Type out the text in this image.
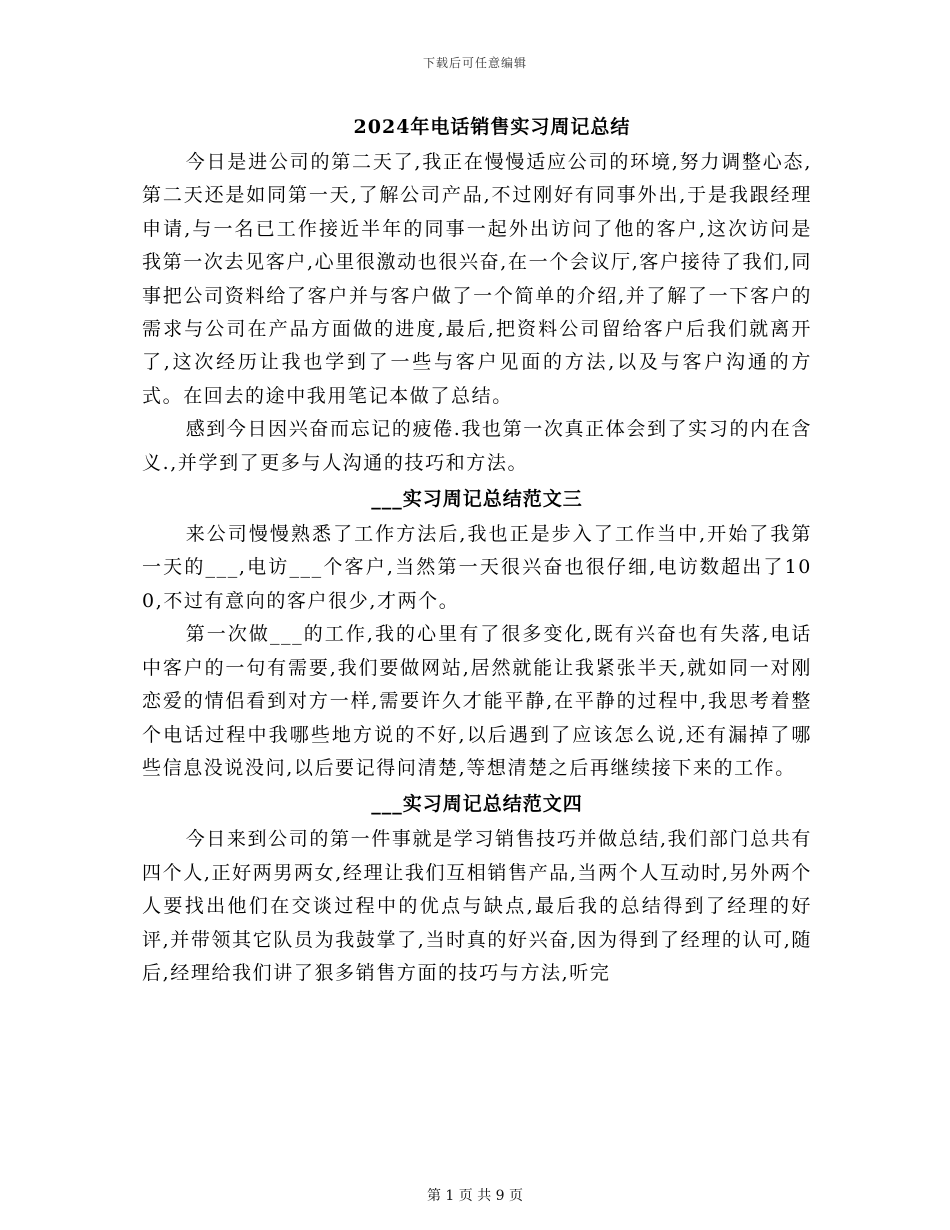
下载后可任意编辑
2024年电话销售实习周记总结

今日是进公司的第二天了,我正在慢慢适应公司的环境,努力调整心态,第二天还是如同第一天,了解公司产品,不过刚好有同事外出,于是我跟经理申请,与一名已工作接近半年的同事一起外出访问了他的客户,这次访问是我第一次去见客户,心里很激动也很兴奋,在一个会议厅,客户接待了我们,同事把公司资料给了客户并与客户做了一个简单的介绍,并了解了一下客户的需求与公司在产品方面做的进度,最后,把资料公司留给客户后我们就离开了,这次经历让我也学到了一些与客户见面的方法,以及与客户沟通的方式。在回去的途中我用笔记本做了总结。

感到今日因兴奋而忘记的疲倦.我也第一次真正体会到了实习的内在含义.,并学到了更多与人沟通的技巧和方法。

___实习周记总结范文三

来公司慢慢熟悉了工作方法后,我也正是步入了工作当中,开始了我第一天的___,电访___个客户,当然第一天很兴奋也很仔细,电访数超出了100,不过有意向的客户很少,才两个。

第一次做___的工作,我的心里有了很多变化,既有兴奋也有失落,电话中客户的一句有需要,我们要做网站,居然就能让我紧张半天,就如同一对刚恋爱的情侣看到对方一样,需要许久才能平静,在平静的过程中,我思考着整个电话过程中我哪些地方说的不好,以后遇到了应该怎么说,还有漏掉了哪些信息没说没问,以后要记得问清楚,等想清楚之后再继续接下来的工作。

___实习周记总结范文四

今日来到公司的第一件事就是学习销售技巧并做总结,我们部门总共有四个人,正好两男两女,经理让我们互相销售产品,当两个人互动时,另外两个人要找出他们在交谈过程中的优点与缺点,最后我的总结得到了经理的好评,并带领其它队员为我鼓掌了,当时真的好兴奋,因为得到了经理的认可,随后,经理给我们讲了狠多销售方面的技巧与方法,听完

第 1 页 共 9 页
